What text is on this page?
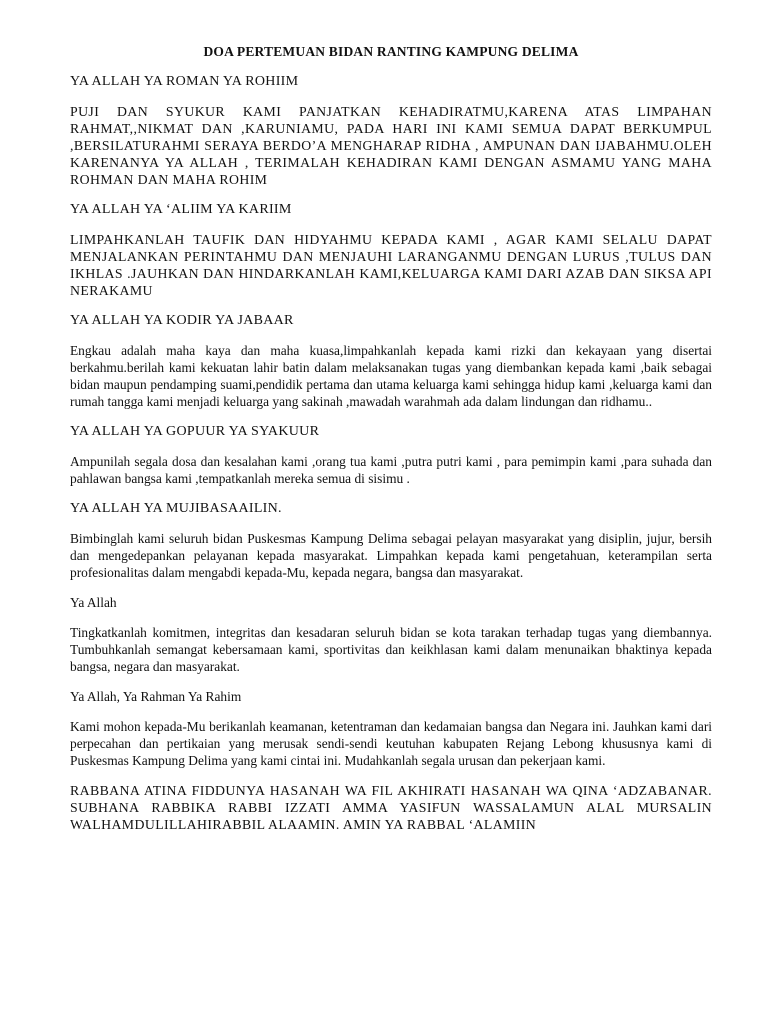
DOA PERTEMUAN BIDAN RANTING KAMPUNG DELIMA
YA ALLAH YA ROMAN YA ROHIIM
PUJI DAN SYUKUR KAMI PANJATKAN KEHADIRATMU,KARENA ATAS LIMPAHAN RAHMAT,,NIKMAT DAN ,KARUNIAMU, PADA HARI INI KAMI SEMUA DAPAT BERKUMPUL ,BERSILATURAHMI SERAYA BERDO’A MENGHARAP RIDHA , AMPUNAN DAN IJABAHMU.OLEH KARENANYA YA ALLAH , TERIMALAH KEHADIRAN KAMI DENGAN ASMAMU YANG MAHA ROHMAN DAN MAHA ROHIM
YA ALLAH YA ‘ALIIM YA KARIIM
LIMPAHKANLAH TAUFIK DAN HIDYAHMU KEPADA KAMI , AGAR KAMI SELALU DAPAT MENJALANKAN PERINTAHMU DAN MENJAUHI LARANGANMU DENGAN LURUS ,TULUS DAN IKHLAS .JAUHKAN DAN HINDARKANLAH KAMI,KELUARGA KAMI DARI AZAB DAN SIKSA API NERAKAMU
YA ALLAH YA KODIR YA JABAAR
Engkau adalah maha kaya dan maha kuasa,limpahkanlah kepada kami rizki dan kekayaan yang disertai berkahmu.berilah kami kekuatan lahir batin dalam melaksanakan tugas yang diembankan kepada kami ,baik sebagai bidan maupun pendamping suami,pendidik pertama dan utama keluarga kami sehingga hidup kami ,keluarga kami dan rumah tangga kami menjadi keluarga yang sakinah ,mawadah warahmah ada dalam lindungan dan ridhamu..
YA ALLAH YA GOPUUR YA SYAKUUR
Ampunilah segala dosa dan kesalahan kami ,orang tua kami ,putra putri kami , para pemimpin kami ,para suhada dan pahlawan bangsa kami ,tempatkanlah mereka semua di sisimu .
YA ALLAH YA MUJIBASAAILIN.
Bimbinglah kami seluruh bidan Puskesmas Kampung Delima sebagai pelayan masyarakat yang disiplin, jujur, bersih dan mengedepankan pelayanan kepada masyarakat. Limpahkan kepada kami pengetahuan, keterampilan serta profesionalitas dalam mengabdi kepada-Mu, kepada negara, bangsa dan masyarakat.
Ya Allah
Tingkatkanlah komitmen, integritas dan kesadaran seluruh bidan se kota tarakan terhadap tugas yang diembannya. Tumbuhkanlah semangat kebersamaan kami, sportivitas dan keikhlasan kami dalam menunaikan bhaktinya kepada bangsa, negara dan masyarakat.
Ya Allah, Ya Rahman Ya Rahim
Kami mohon kepada-Mu berikanlah keamanan, ketentraman dan kedamaian bangsa dan Negara ini. Jauhkan kami dari perpecahan dan pertikaian yang merusak sendi-sendi keutuhan kabupaten Rejang Lebong khususnya kami di Puskesmas Kampung Delima yang kami cintai ini. Mudahkanlah segala urusan dan pekerjaan kami.
RABBANA ATINA FIDDUNYA HASANAH WA FIL AKHIRATI HASANAH WA QINA ‘ADZABANAR. SUBHANA RABBIKA RABBI IZZATI AMMA YASIFUN WASSALAMUN ALAL MURSALIN WALHAMDULILLAHIRABBIL ALAAMIN. AMIN YA RABBAL ‘ALAMIIN
